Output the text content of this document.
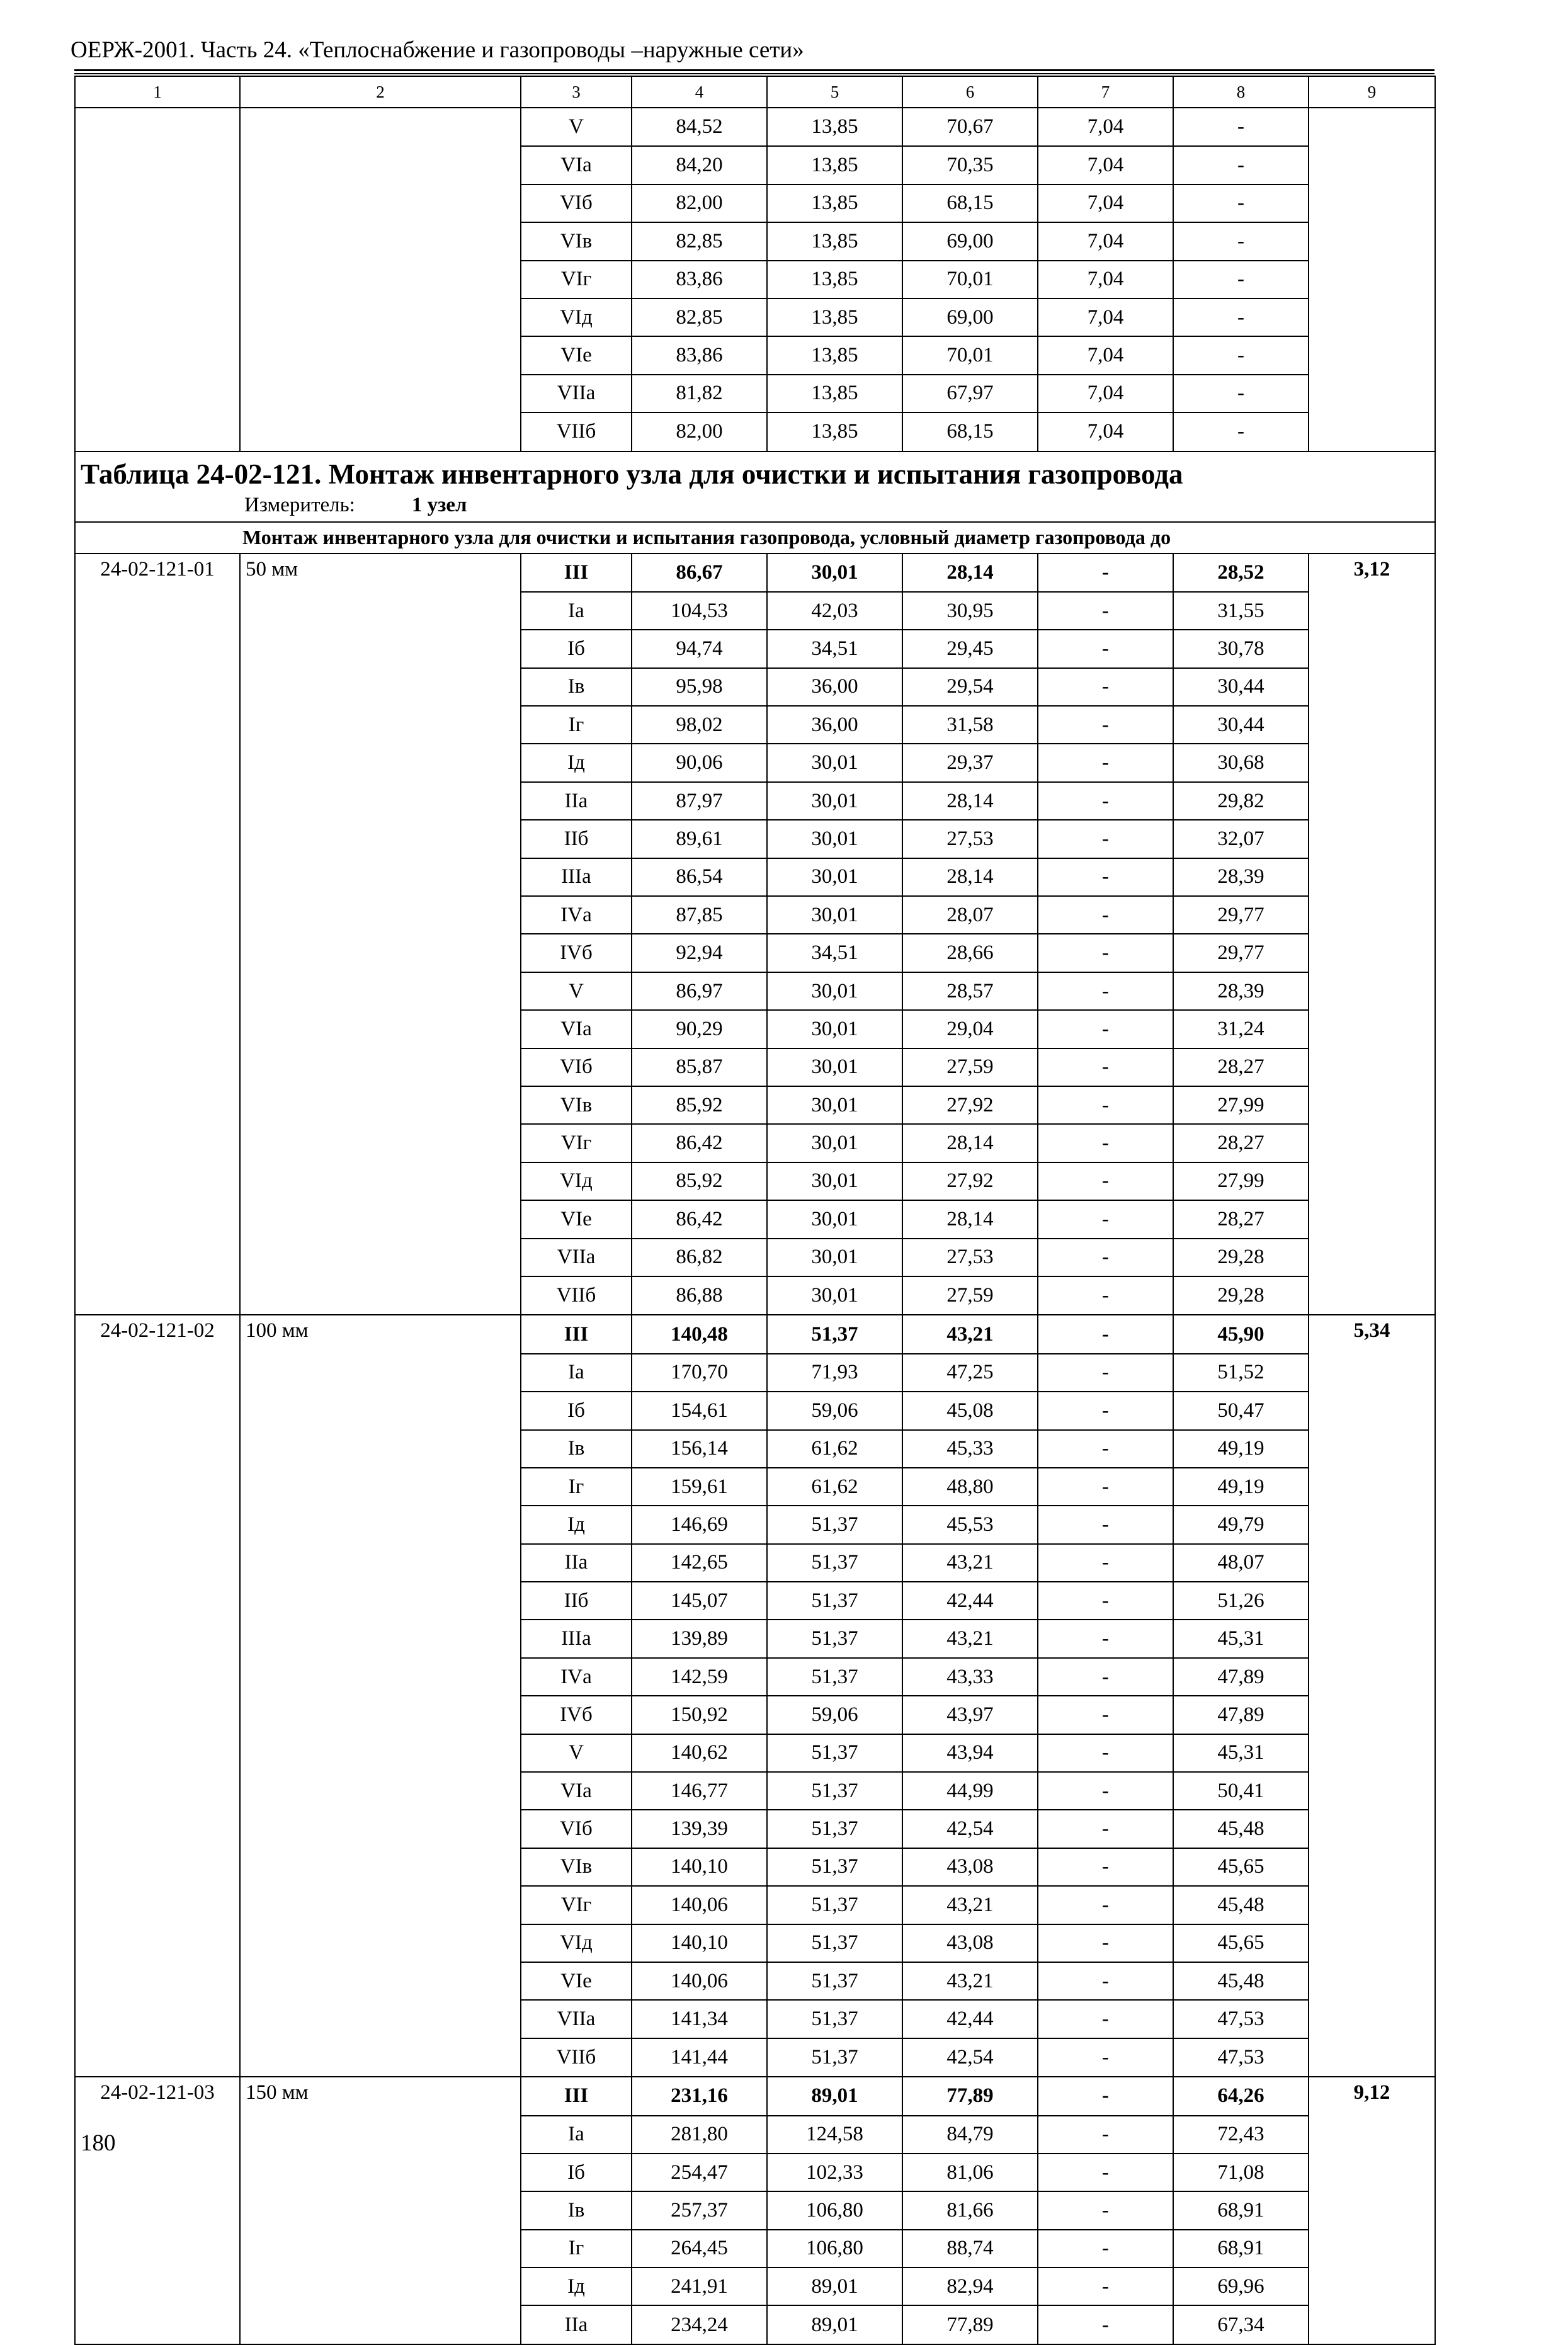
ОЕРЖ-2001. Часть 24. «Теплоснабжение и газопроводы –наружные сети»
1	2	3	4	5	6	7	8	9
		V	84,52	13,85	70,67	7,04	-	
		VIа	84,20	13,85	70,35	7,04	-	
		VIб	82,00	13,85	68,15	7,04	-	
		VIв	82,85	13,85	69,00	7,04	-	
		VIг	83,86	13,85	70,01	7,04	-	
		VIд	82,85	13,85	69,00	7,04	-	
		VIе	83,86	13,85	70,01	7,04	-	
		VIIа	81,82	13,85	67,97	7,04	-	
		VIIб	82,00	13,85	68,15	7,04	-	

Таблица 24-02-121. Монтаж инвентарного узла для очистки и испытания газопровода
Измеритель: 1 узел								

Монтаж инвентарного узла для очистки и испытания газопровода, условный диаметр газопровода до								
24-02-121-01	50 мм	III	86,67	30,01	28,14	-	28,52	3,12
		Iа	104,53	42,03	30,95	-	31,55	
		Iб	94,74	34,51	29,45	-	30,78	
		Iв	95,98	36,00	29,54	-	30,44	
		Iг	98,02	36,00	31,58	-	30,44	
		Iд	90,06	30,01	29,37	-	30,68	
		IIа	87,97	30,01	28,14	-	29,82	
		IIб	89,61	30,01	27,53	-	32,07	
		IIIа	86,54	30,01	28,14	-	28,39	
		IVа	87,85	30,01	28,07	-	29,77	
		IVб	92,94	34,51	28,66	-	29,77	
		V	86,97	30,01	28,57	-	28,39	
		VIа	90,29	30,01	29,04	-	31,24	
		VIб	85,87	30,01	27,59	-	28,27	
		VIв	85,92	30,01	27,92	-	27,99	
		VIг	86,42	30,01	28,14	-	28,27	
		VIд	85,92	30,01	27,92	-	27,99	
		VIе	86,42	30,01	28,14	-	28,27	
		VIIа	86,82	30,01	27,53	-	29,28	
		VIIб	86,88	30,01	27,59	-	29,28	
24-02-121-02	100 мм	III	140,48	51,37	43,21	-	45,90	5,34
		Iа	170,70	71,93	47,25	-	51,52	
		Iб	154,61	59,06	45,08	-	50,47	
		Iв	156,14	61,62	45,33	-	49,19	
		Iг	159,61	61,62	48,80	-	49,19	
		Iд	146,69	51,37	45,53	-	49,79	
		IIа	142,65	51,37	43,21	-	48,07	
		IIб	145,07	51,37	42,44	-	51,26	
		IIIа	139,89	51,37	43,21	-	45,31	
		IVа	142,59	51,37	43,33	-	47,89	
		IVб	150,92	59,06	43,97	-	47,89	
		V	140,62	51,37	43,94	-	45,31	
		VIа	146,77	51,37	44,99	-	50,41	
		VIб	139,39	51,37	42,54	-	45,48	
		VIв	140,10	51,37	43,08	-	45,65	
		VIг	140,06	51,37	43,21	-	45,48	
		VIд	140,10	51,37	43,08	-	45,65	
		VIе	140,06	51,37	43,21	-	45,48	
		VIIа	141,34	51,37	42,44	-	47,53	
		VIIб	141,44	51,37	42,54	-	47,53	
24-02-121-03	150 мм	III	231,16	89,01	77,89	-	64,26	9,12
		Iа	281,80	124,58	84,79	-	72,43	
		Iб	254,47	102,33	81,06	-	71,08	
		Iв	257,37	106,80	81,66	-	68,91	
		Iг	264,45	106,80	88,74	-	68,91	
		Iд	241,91	89,01	82,94	-	69,96	
		IIа	234,24	89,01	77,89	-	67,34	
180
